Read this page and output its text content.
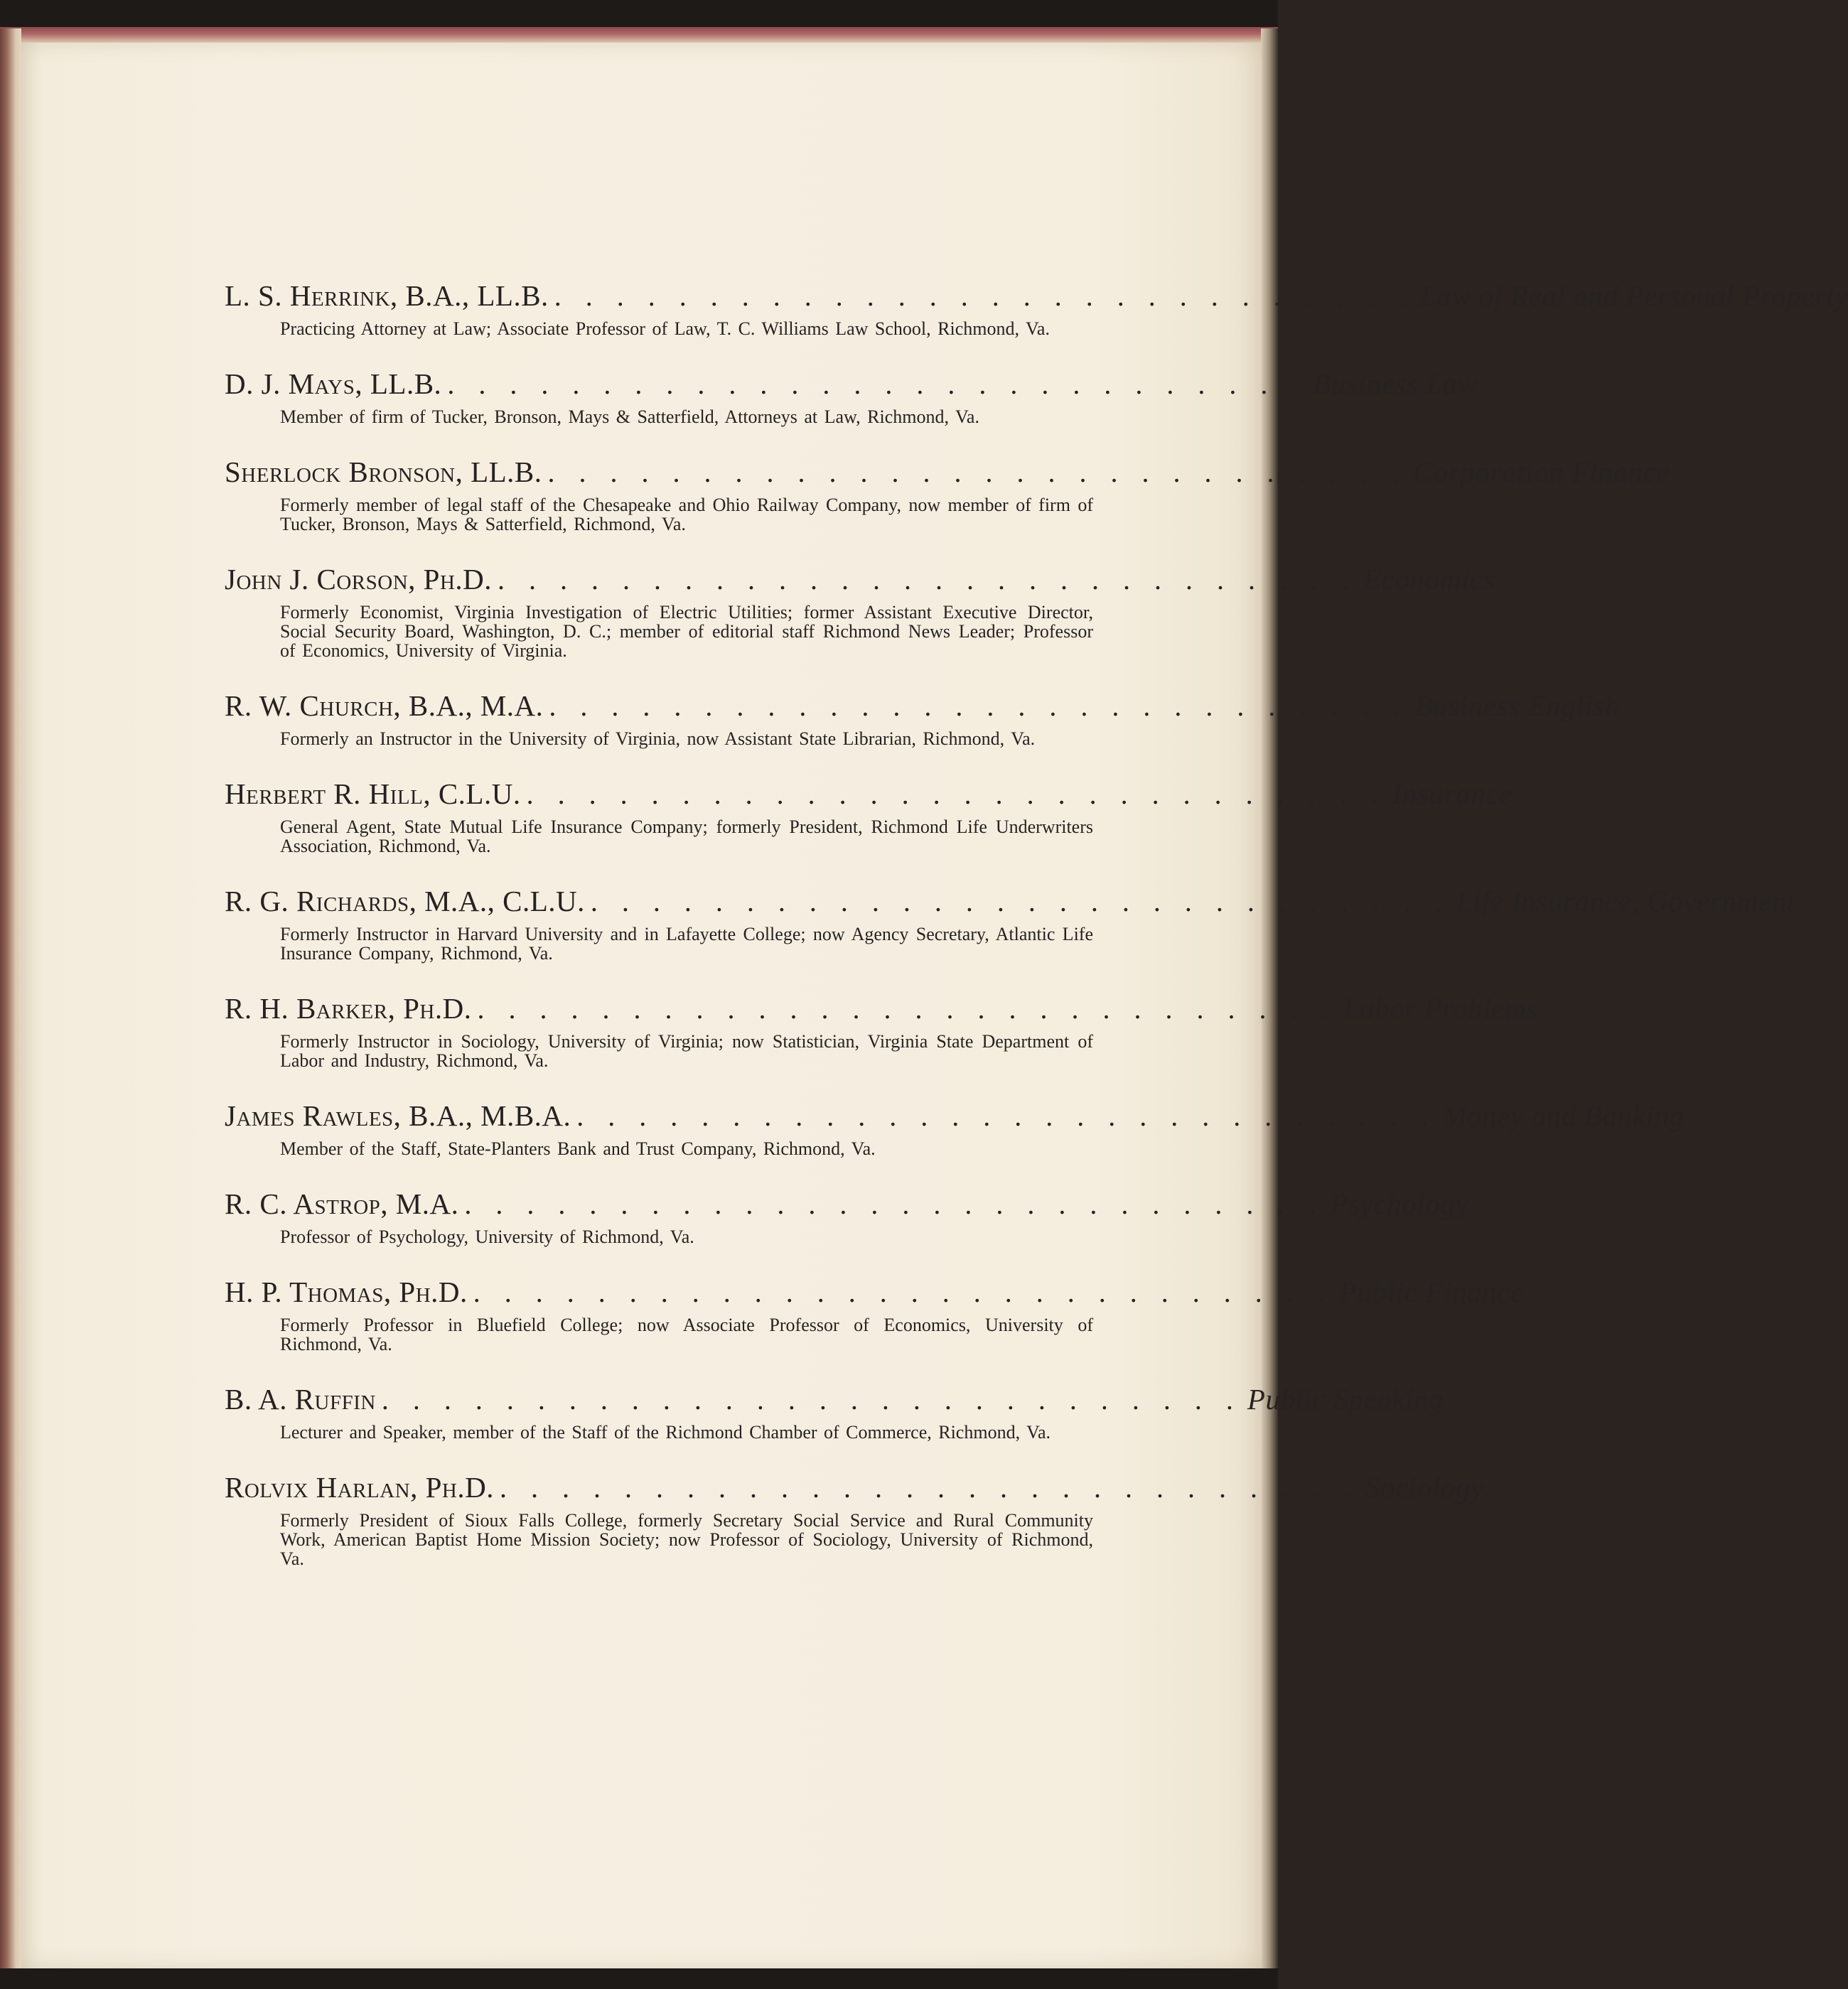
L. S. Herrink, B.A., LL.B. . . . . . . . . . . . . . . . . . . . . . . . . . . . . Law of Real and Personal Property
Practicing Attorney at Law; Associate Professor of Law, T. C. Williams Law School, Richmond, Va.
D. J. Mays, LL.B. . . . . . . . . . . . . . . . . . . . . . . . . . . . . Business Law
Member of firm of Tucker, Bronson, Mays & Satterfield, Attorneys at Law, Richmond, Va.
Sherlock Bronson, LL.B. . . . . . . . . . . . . . . . . . . . . . . . . . . . . Corporation Finance
Formerly member of legal staff of the Chesapeake and Ohio Railway Company, now member of firm of Tucker, Bronson, Mays & Satterfield, Richmond, Va.
John J. Corson, Ph.D. . . . . . . . . . . . . . . . . . . . . . . . . . . . . Economics
Formerly Economist, Virginia Investigation of Electric Utilities; former Assistant Executive Director, Social Security Board, Washington, D. C.; member of editorial staff Richmond News Leader; Professor of Economics, University of Virginia.
R. W. Church, B.A., M.A. . . . . . . . . . . . . . . . . . . . . . . . . . . . . Business English
Formerly an Instructor in the University of Virginia, now Assistant State Librarian, Richmond, Va.
Herbert R. Hill, C.L.U. . . . . . . . . . . . . . . . . . . . . . . . . . . . . Insurance
General Agent, State Mutual Life Insurance Company; formerly President, Richmond Life Underwriters Association, Richmond, Va.
R. G. Richards, M.A., C.L.U. . . . . . . . . . . . . . . . . . . . . . . . . . . . . Life Insurance, Government
Formerly Instructor in Harvard University and in Lafayette College; now Agency Secretary, Atlantic Life Insurance Company, Richmond, Va.
R. H. Barker, Ph.D. . . . . . . . . . . . . . . . . . . . . . . . . . . . . Labor Problems
Formerly Instructor in Sociology, University of Virginia; now Statistician, Virginia State Department of Labor and Industry, Richmond, Va.
James Rawles, B.A., M.B.A. . . . . . . . . . . . . . . . . . . . . . . . . . . . . Money and Banking
Member of the Staff, State-Planters Bank and Trust Company, Richmond, Va.
R. C. Astrop, M.A. . . . . . . . . . . . . . . . . . . . . . . . . . . . . Psychology
Professor of Psychology, University of Richmond, Va.
H. P. Thomas, Ph.D. . . . . . . . . . . . . . . . . . . . . . . . . . . . . Public Finance
Formerly Professor in Bluefield College; now Associate Professor of Economics, University of Richmond, Va.
B. A. Ruffin . . . . . . . . . . . . . . . . . . . . . . . . . . . . Public Speaking
Lecturer and Speaker, member of the Staff of the Richmond Chamber of Commerce, Richmond, Va.
Rolvix Harlan, Ph.D. . . . . . . . . . . . . . . . . . . . . . . . . . . . . Sociology
Formerly President of Sioux Falls College, formerly Secretary Social Service and Rural Community Work, American Baptist Home Mission Society; now Professor of Sociology, University of Richmond, Va.
